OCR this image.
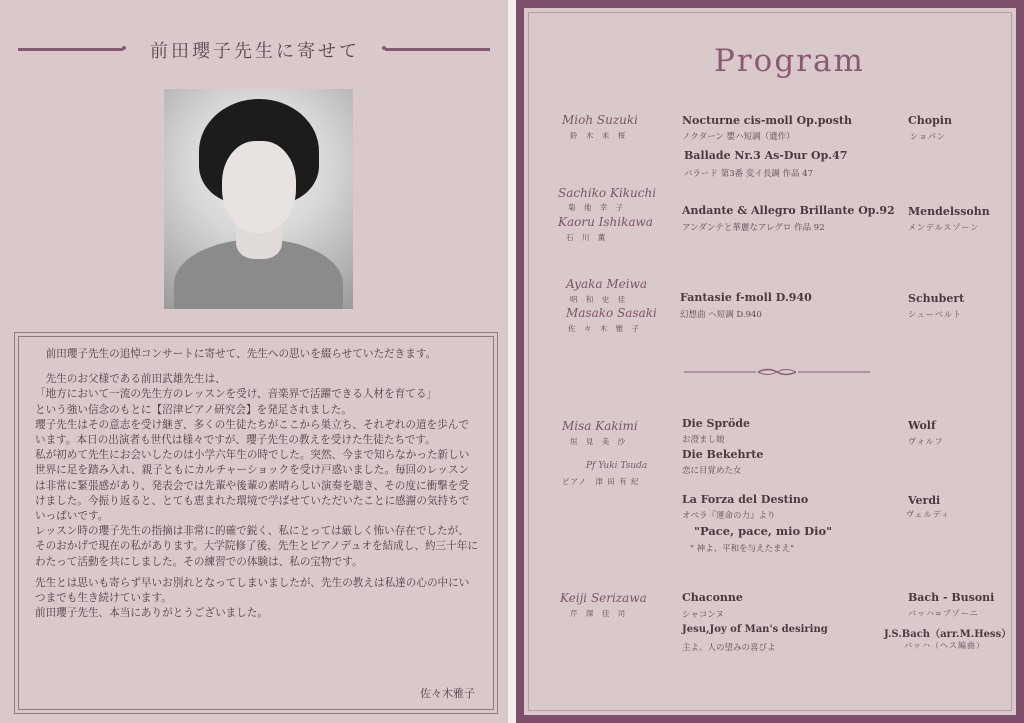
前田瓔子先生に寄せて

前田瓔子先生の追悼コンサートに寄せて、先生への思いを綴らせていただきます。

先生のお父様である前田武雄先生は、

「地方において一流の先生方のレッスンを受け、音楽界で活躍できる人材を育てる」

という強い信念のもとに【沼津ピアノ研究会】を発足されました。

瓔子先生はその意志を受け継ぎ、多くの生徒たちがここから巣立ち、それぞれの道を歩んでいます。本日の出演者も世代は様々ですが、瓔子先生の教えを受けた生徒たちです。

私が初めて先生にお会いしたのは小学六年生の時でした。突然、今まで知らなかった新しい世界に足を踏み入れ、親子ともにカルチャーショックを受け戸惑いました。毎回のレッスンは非常に緊張感があり、発表会では先輩や後輩の素晴らしい演奏を聴き、その度に衝撃を受けました。今振り返ると、とても恵まれた環境で学ばせていただいたことに感謝の気持ちでいっぱいです。

レッスン時の瓔子先生の指摘は非常に的確で鋭く、私にとっては厳しく怖い存在でしたが、そのおかげで現在の私があります。大学院修了後、先生とピアノデュオを結成し、約三十年にわたって活動を共にしました。その練習での体験は、私の宝物です。

先生とは思いも寄らず早いお別れとなってしまいましたが、先生の教えは私達の心の中にいつまでも生き続けています。

前田瓔子先生、本当にありがとうございました。

佐々木雅子
Program
Mioh Suzuki
鈴 木 未 桜
Sachiko Kikuchi
菊 地 幸 子
Kaoru Ishikawa
石 川 薫
Ayaka Meiwa
明 和 史 佳
Masako Sasaki
佐 々 木 雅 子
Misa Kakimi
垣 見 美 沙
Pf Yuki Tsuda
ピアノ　津 田 有 紀
Keiji Serizawa
芹 澤 佳 司
Nocturne cis-moll Op.posth
ノクターン 嬰ハ短調（遺作）
Ballade Nr.3 As-Dur Op.47
バラード 第3番 変イ長調 作品 47
Andante & Allegro Brillante Op.92
アンダンテと華麗なアレグロ 作品 92
Fantasie f-moll D.940
幻想曲 ヘ短調 D.940
Die Spröde
お澄まし娘
Die Bekehrte
恋に目覚めた女
La Forza del Destino
オペラ『運命の力』より
"Pace, pace, mio Dio"
" 神よ、平和を与えたまえ"
Chaconne
シャコンヌ
Jesu,Joy of Man's desiring
主よ、人の望みの喜びよ
Chopin
ショパン
Mendelssohn
メンデルスゾーン
Schubert
シューベルト
Wolf
ヴォルフ
Verdi
ヴェルディ
Bach - Busoni
バッハ=ブゾーニ
J.S.Bach（arr.M.Hess）
バッハ（ヘス編曲）
